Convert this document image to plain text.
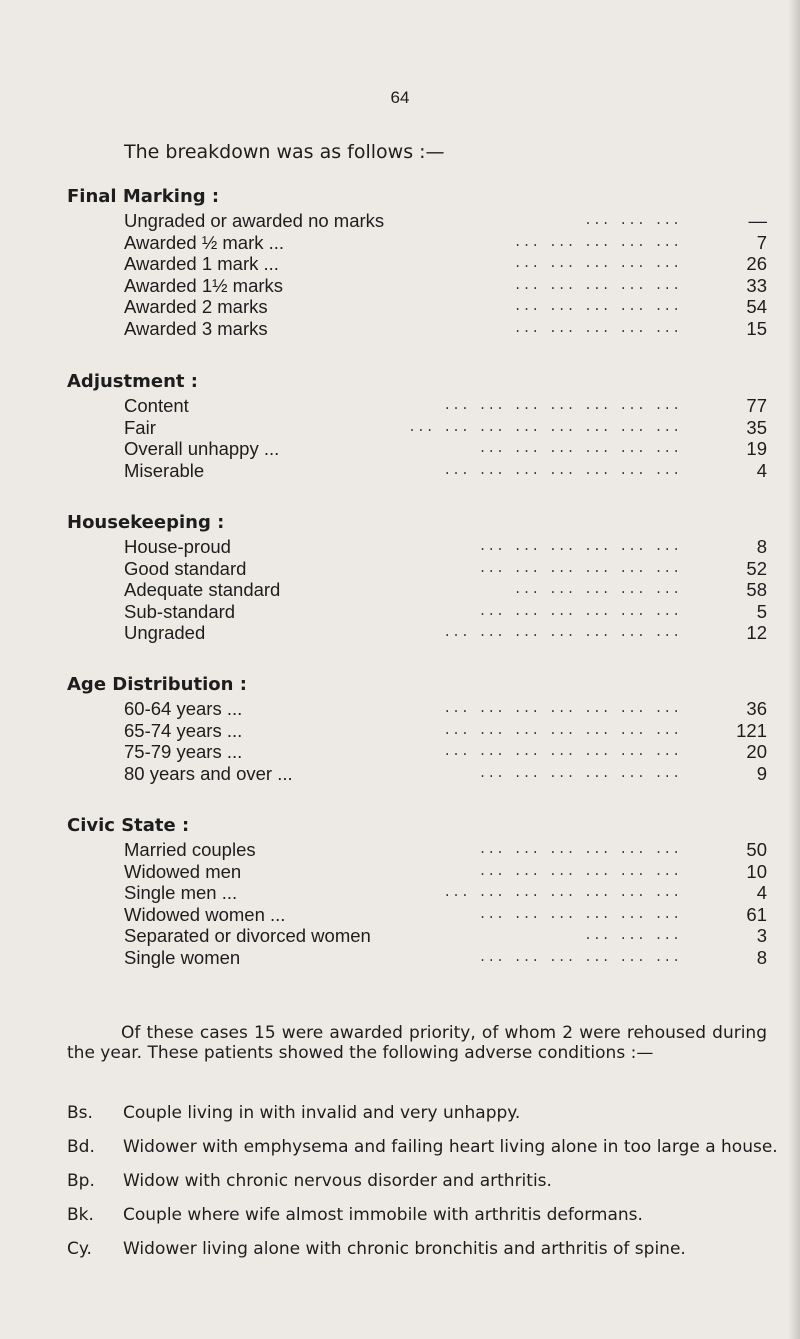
64
The breakdown was as follows :—
Final Marking :
Ungraded or awarded no marks	... ... ...	—
Awarded ½ mark ...	... ... ... ... ...	7
Awarded 1 mark ...	... ... ... ... ...	26
Awarded 1½ marks	... ... ... ... ...	33
Awarded 2 marks	... ... ... ... ...	54
Awarded 3 marks	... ... ... ... ...	15
Adjustment :
Content	... ... ... ... ... ... ...	77
Fair	... ... ... ... ... ... ... ...	35
Overall unhappy ...	... ... ... ... ... ...	19
Miserable	... ... ... ... ... ... ...	4
Housekeeping :
House-proud	... ... ... ... ... ...	8
Good standard	... ... ... ... ... ...	52
Adequate standard	... ... ... ... ...	58
Sub-standard	... ... ... ... ... ...	5
Ungraded	... ... ... ... ... ... ...	12
Age Distribution :
60-64 years ...	... ... ... ... ... ... ...	36
65-74 years ...	... ... ... ... ... ... ...	121
75-79 years ...	... ... ... ... ... ... ...	20
80 years and over ...	... ... ... ... ... ...	9
Civic State :
Married couples	... ... ... ... ... ...	50
Widowed men	... ... ... ... ... ...	10
Single men ...	... ... ... ... ... ... ...	4
Widowed women ...	... ... ... ... ... ...	61
Separated or divorced women	... ... ...	3
Single women	... ... ... ... ... ...	8
Of these cases 15 were awarded priority, of whom 2 were rehoused during the year. These patients showed the following adverse conditions :—
Bs. Couple living in with invalid and very unhappy.
Bd. Widower with emphysema and failing heart living alone in too large a house.
Bp. Widow with chronic nervous disorder and arthritis.
Bk. Couple where wife almost immobile with arthritis deformans.
Cy. Widower living alone with chronic bronchitis and arthritis of spine.
